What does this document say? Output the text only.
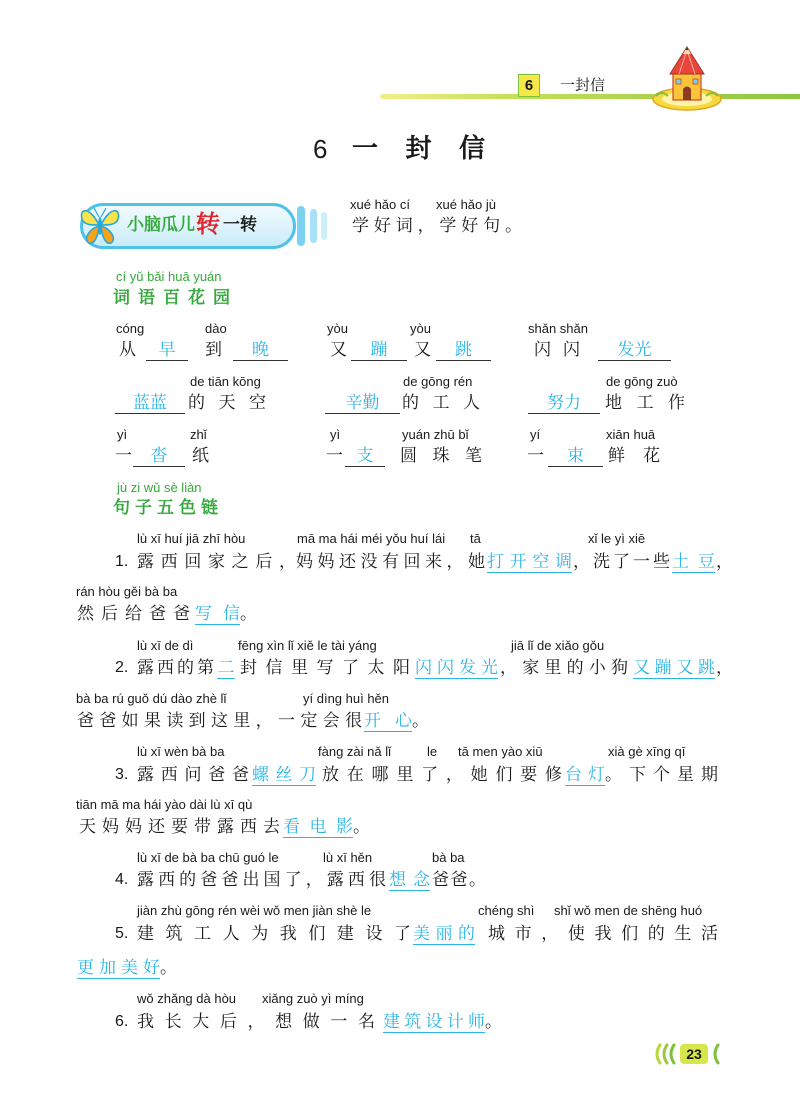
6	一封信
6 一封信
小脑瓜儿 转 一转
xué hǎo cí xué hǎo jù
学好词，学好句。
cí yǔ bǎi huā yuán
词语百花园
cóng	dào	yòu	yòu	shǎn shǎn
从	早	到	晚	又	蹦	又	跳	闪闪	发光
de tiān kōng	de gōng rén	de gōng zuò
蓝蓝	的天空	辛勤	的工人	努力	地工作
yì	zhǐ	yì	yuán zhū bǐ	yí	xiān huā
一	沓	纸	一 支	圆珠笔	一	束	鲜花
jù zi wǔ sè liàn
句子五色链
lù xī huí jiā zhī hòu	mā ma hái méi yǒu huí lái tā	xǐ le yì xiē
1. 露西回家之后， 妈妈还没有回来，她 打开空调 ，洗了一些 土豆 ，
rán hòu gěi bà ba
然后给爸爸 写信 。
lù xī de dì	fēng xìn lǐ xiě le tài yáng	jiā lǐ de xiǎo gǒu
2. 露西的第 二 封信里写了太阳 闪闪发光 ，家里的小狗 又蹦又跳 ，
bà ba rú guǒ dú dào zhè lǐ	yí dìng huì hěn
爸爸如果读到这里，一定会很 开心 。
lù xī wèn bà ba	fàng zài nǎ lǐ	le tā men yào xiū	xià gè xīng qī
3. 露西问爸爸 螺丝刀 放在哪里了，她们要修 台灯 。下个星期
tiān mā ma hái yào dài lù xī qù
天妈妈还要带露西去 看电影 。
lù xī de bà ba chū guó le	lù xī hěn	bà ba
4. 露西的爸爸出国了，露西很 想念 爸爸。
jiàn zhù gōng rén wèi wǒ men jiàn shè le	chéng shì shǐ wǒ men de shēng huó
5. 建筑工人为我们建设了 美丽的 城市，使我们的生活
更加美好 。
wǒ zhǎng dà hòu xiǎng zuò yì míng
6. 我长大后，想做一名 建筑设计师 。
23
